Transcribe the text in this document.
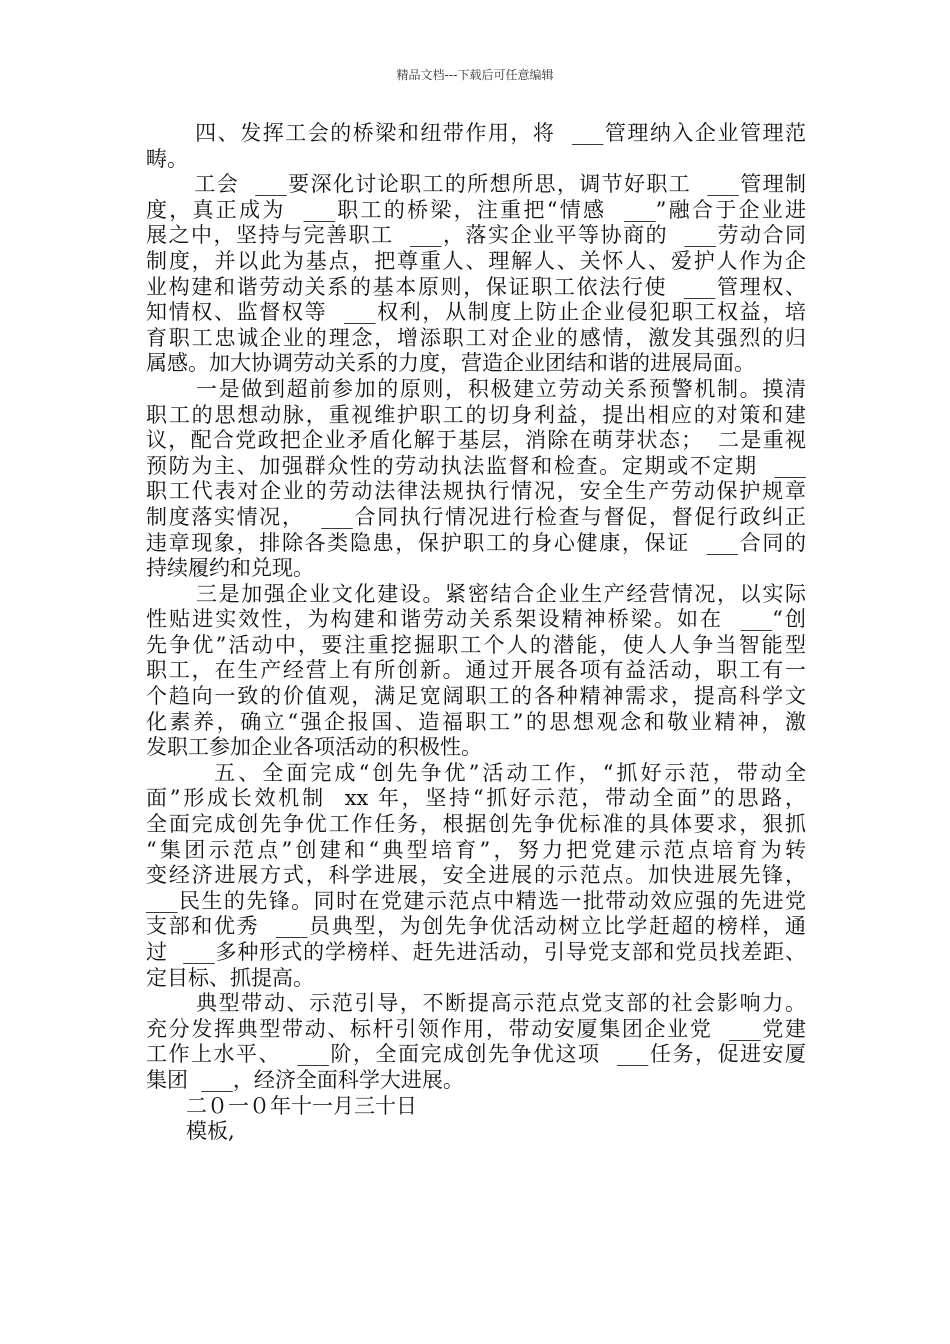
精品文档---下载后可任意编辑
四、发挥工会的桥梁和纽带作用，将  ___管理纳入企业管理范
畴。
工会  ___要深化讨论职工的所想所思，调节好职工  ___管理制
度，真正成为  ___职工的桥梁，注重把“情感  ___”融合于企业进
展之中，坚持与完善职工  ___，落实企业平等协商的  ___劳动合同
制度，并以此为基点，把尊重人、理解人、关怀人、爱护人作为企
业构建和谐劳动关系的基本原则，保证职工依法行使  ___管理权、
知情权、监督权等  ___权利，从制度上防止企业侵犯职工权益，培
育职工忠诚企业的理念，增添职工对企业的感情，激发其强烈的归
属感。加大协调劳动关系的力度，营造企业团结和谐的进展局面。
一是做到超前参加的原则，积极建立劳动关系预警机制。摸清
职工的思想动脉，重视维护职工的切身利益，提出相应的对策和建
议，配合党政把企业矛盾化解于基层，消除在萌芽状态；  二是重视
预防为主、加强群众性的劳动执法监督和检查。定期或不定期  ___
职工代表对企业的劳动法律法规执行情况，安全生产劳动保护规章
制度落实情况，  ___合同执行情况进行检查与督促，督促行政纠正
违章现象，排除各类隐患，保护职工的身心健康，保证  ___合同的
持续履约和兑现。
三是加强企业文化建设。紧密结合企业生产经营情况，以实际
性贴进实效性，为构建和谐劳动关系架设精神桥梁。如在  ___“创
先争优”活动中，要注重挖掘职工个人的潜能，使人人争当智能型
职工，在生产经营上有所创新。通过开展各项有益活动，职工有一
个趋向一致的价值观，满足宽阔职工的各种精神需求，提高科学文
化素养，确立“强企报国、造福职工”的思想观念和敬业精神，激
发职工参加企业各项活动的积极性。
五、全面完成“创先争优”活动工作，“抓好示范，带动全
面”形成长效机制  xx 年，坚持“抓好示范，带动全面”的思路，
全面完成创先争优工作任务，根据创先争优标准的具体要求，狠抓
“集团示范点”创建和“典型培育”，努力把党建示范点培育为转
变经济进展方式，科学进展，安全进展的示范点。加快进展先锋，
___民生的先锋。同时在党建示范点中精选一批带动效应强的先进党
支部和优秀  ___员典型，为创先争优活动树立比学赶超的榜样，通
过  ___多种形式的学榜样、赶先进活动，引导党支部和党员找差距、
定目标、抓提高。
典型带动、示范引导，不断提高示范点党支部的社会影响力。
充分发挥典型带动、标杆引领作用，带动安厦集团企业党  ___党建
工作上水平、  ___阶，全面完成创先争优这项  ___任务，促进安厦
集团  ___，经济全面科学大进展。
二０一０年十一月三十日
模板,
